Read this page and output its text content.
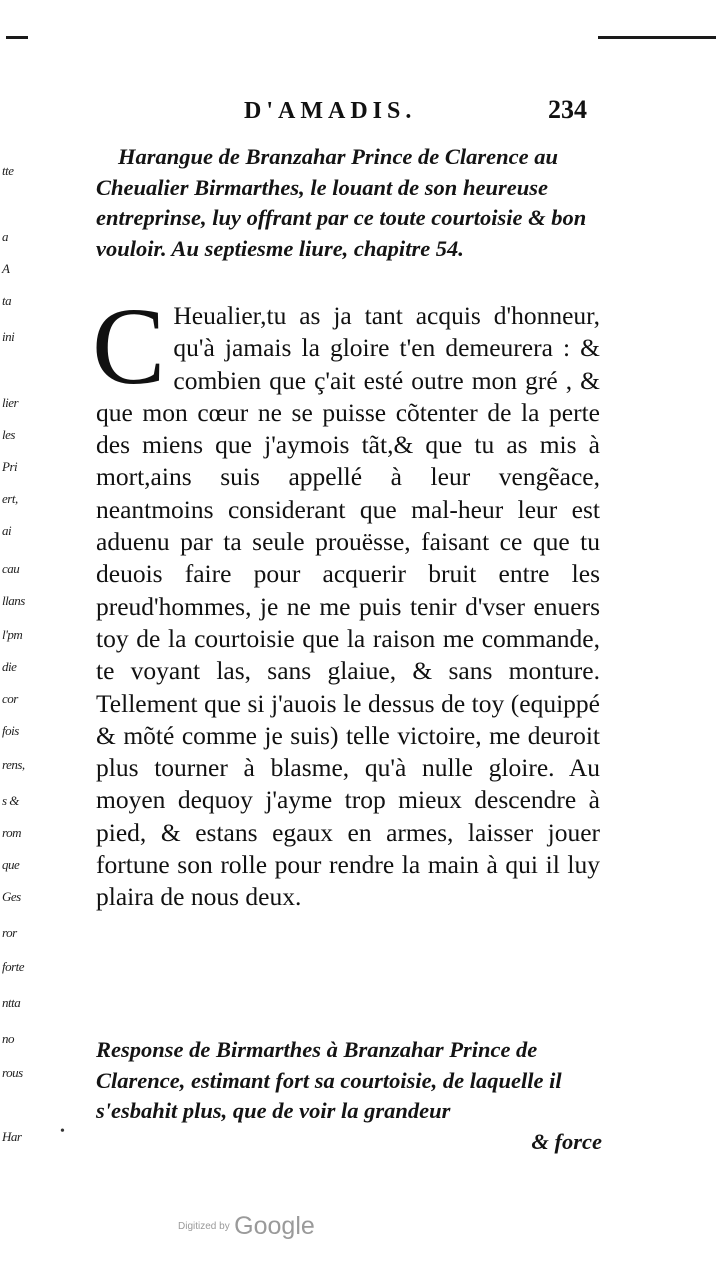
tte
a
A
ta
ini
lier
les
Pri
ert,
ai
cau
llans
l'pm
die
cor
fois
rens,
s &
rom
que
Ges
ror
forte
ntta
no
rous
Har
D'AMADIS.	234
Harangue de Branzahar Prince de Clarence au Cheualier Birmarthes, le louant de son heureuse entreprinse, luy offrant par ce toute courtoisie & bon vouloir. Au septiesme liure, chapitre 54.
C Heualier,tu as ja tant acquis d'honneur, qu'à jamais la gloire t'en demeurera : & combien que ç'ait esté outre mon gré , & que mon cœur ne se puisse cõtenter de la perte des miens que j'aymois tãt,& que tu as mis à mort,ains suis appellé à leur vengẽace, neantmoins considerant que mal-heur leur est aduenu par ta seule prouësse, faisant ce que tu deuois faire pour acquerir bruit entre les preud'hommes, je ne me puis tenir d'vser enuers toy de la courtoisie que la raison me commande, te voyant las, sans glaiue, & sans monture. Tellement que si j'auois le dessus de toy (equippé & mõté comme je suis) telle victoire, me deuroit plus tourner à blasme, qu'à nulle gloire. Au moyen dequoy j'ayme trop mieux descendre à pied, & estans egaux en armes, laisser jouer fortune son rolle pour rendre la main à qui il luy plaira de nous deux.
Response de Birmarthes à Branzahar Prince de Clarence, estimant fort sa courtoisie, de laquelle il s'esbahit plus, que de voir la grandeur
& force
•
Digitized by Google
